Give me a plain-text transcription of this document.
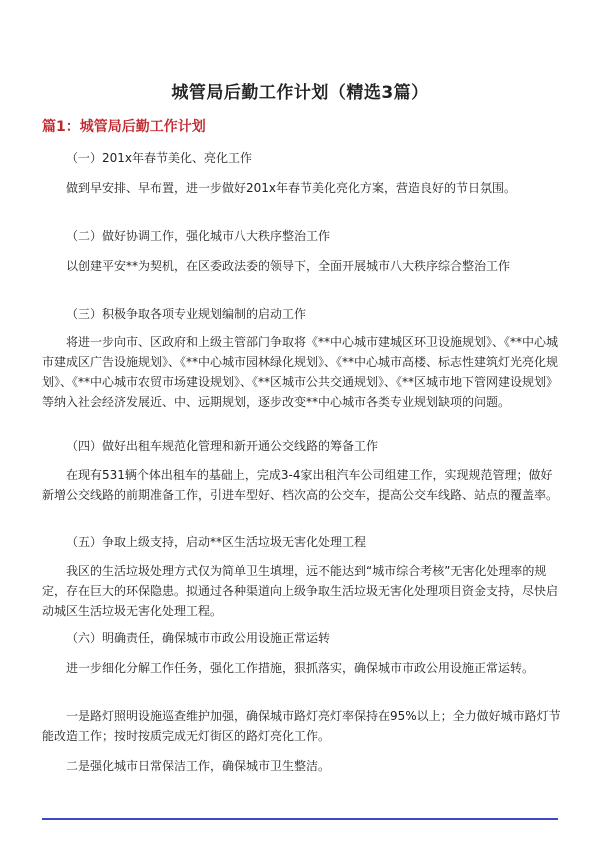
城管局后勤工作计划（精选3篇）
篇1：城管局后勤工作计划

（一）201x年春节美化、亮化工作

做到早安排、早布置，进一步做好201x年春节美化亮化方案，营造良好的节日氛围。

（二）做好协调工作，强化城市八大秩序整治工作

以创建平安**为契机，在区委政法委的领导下，全面开展城市八大秩序综合整治工作

（三）积极争取各项专业规划编制的启动工作

将进一步向市、区政府和上级主管部门争取将《**中心城市建城区环卫设施规划》、《**中心城市建成区广告设施规划》、《**中心城市园林绿化规划》、《**中心城市高楼、标志性建筑灯光亮化规划》、《**中心城市农贸市场建设规划》、《**区城市公共交通规划》、《**区城市地下管网建设规划》等纳入社会经济发展近、中、远期规划，逐步改变**中心城市各类专业规划缺项的问题。

（四）做好出租车规范化管理和新开通公交线路的筹备工作

在现有531辆个体出租车的基础上，完成3-4家出租汽车公司组建工作，实现规范管理；做好新增公交线路的前期准备工作，引进车型好、档次高的公交车，提高公交车线路、站点的覆盖率。

（五）争取上级支持，启动**区生活垃圾无害化处理工程

我区的生活垃圾处理方式仅为简单卫生填埋，远不能达到“城市综合考核”无害化处理率的规定，存在巨大的环保隐患。拟通过各种渠道向上级争取生活垃圾无害化处理项目资金支持，尽快启动城区生活垃圾无害化处理工程。

（六）明确责任，确保城市市政公用设施正常运转

进一步细化分解工作任务，强化工作措施，狠抓落实，确保城市市政公用设施正常运转。

一是路灯照明设施巡查维护加强，确保城市路灯亮灯率保持在95%以上；全力做好城市路灯节能改造工作；按时按质完成无灯街区的路灯亮化工作。

二是强化城市日常保洁工作，确保城市卫生整洁。
